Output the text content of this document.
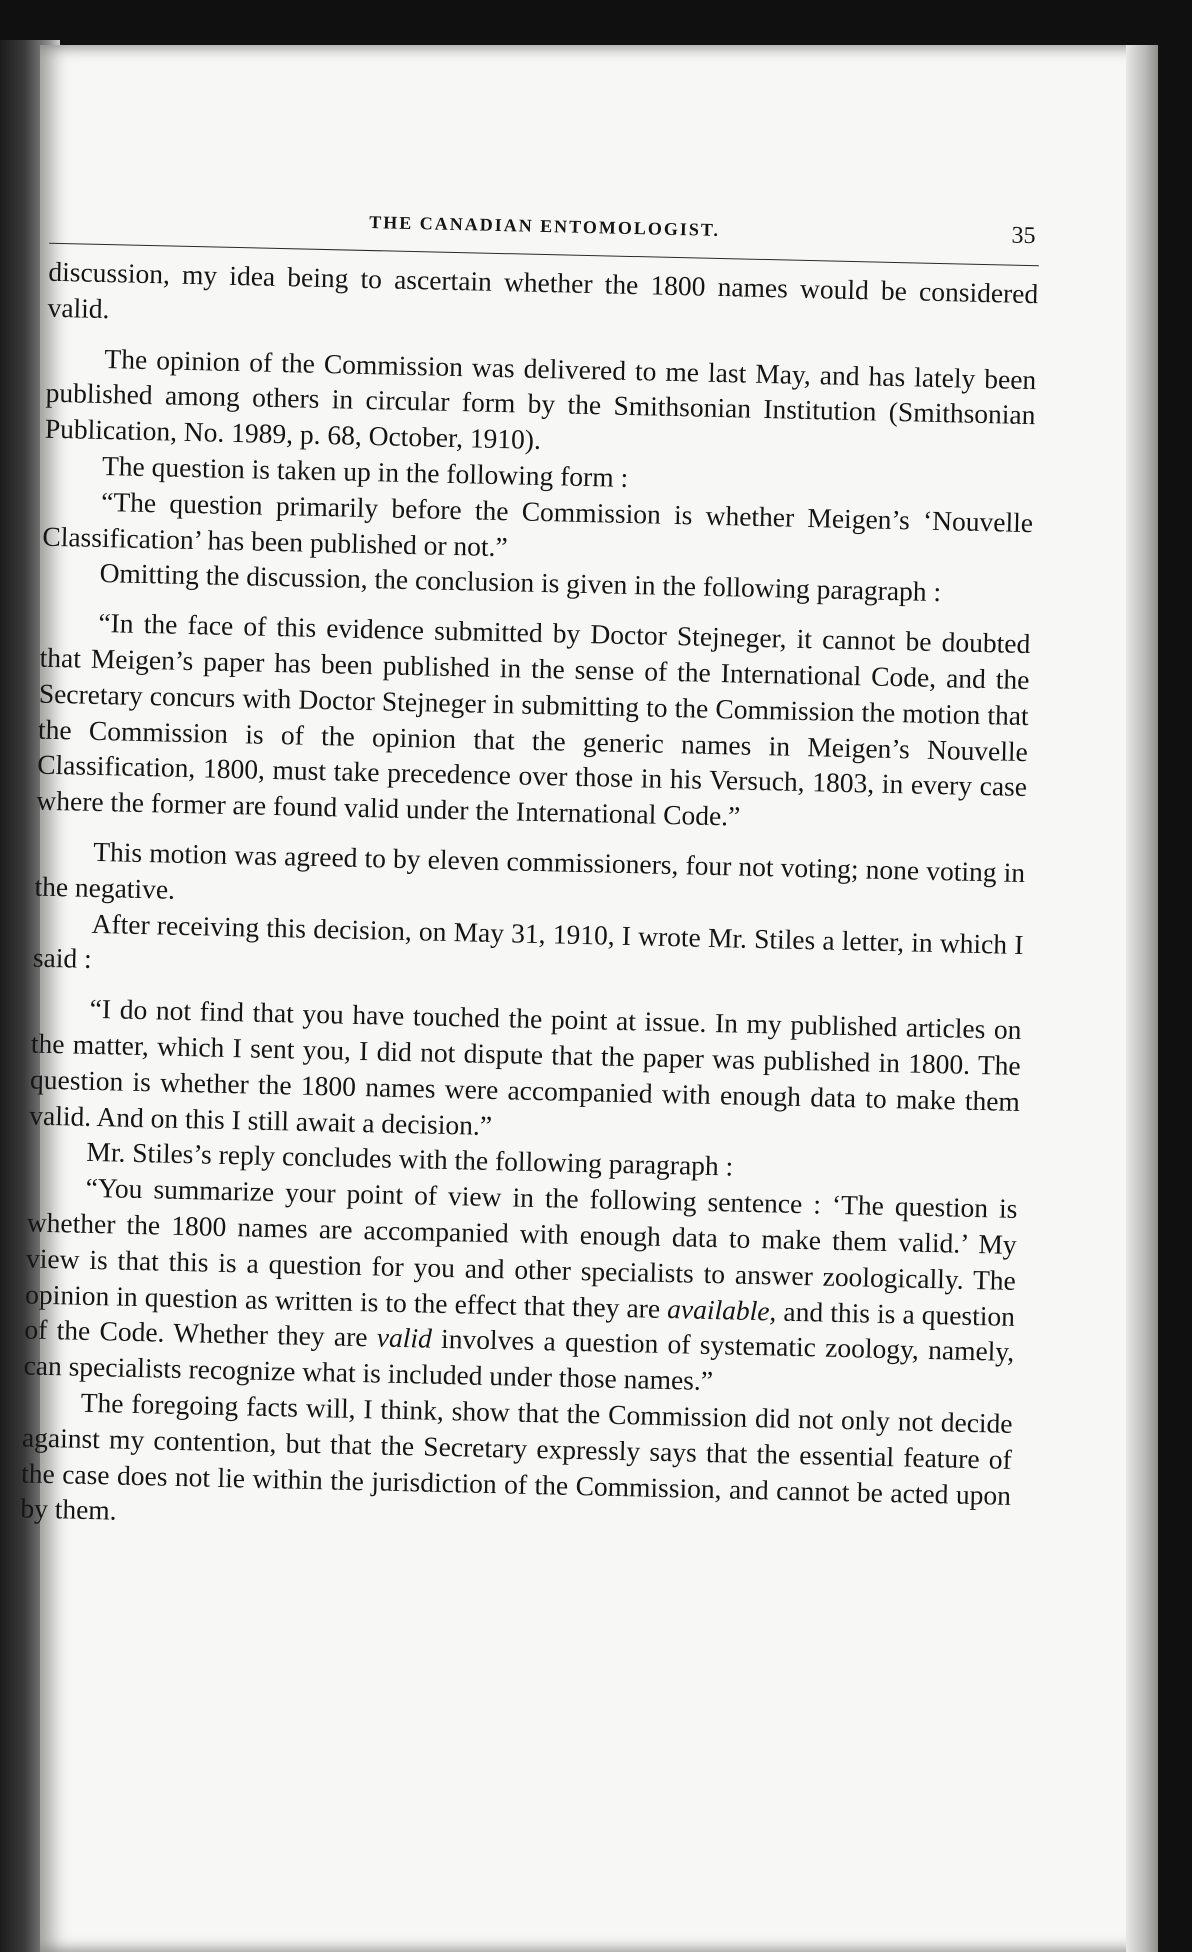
THE CANADIAN ENTOMOLOGIST.	35

discussion, my idea being to ascertain whether the 1800 names would be considered valid.

The opinion of the Commission was delivered to me last May, and has lately been published among others in circular form by the Smithsonian Institution (Smithsonian Publication, No. 1989, p. 68, October, 1910).

The question is taken up in the following form :

“The question primarily before the Commission is whether Meigen’s ‘Nouvelle Classification’ has been published or not.”

Omitting the discussion, the conclusion is given in the following paragraph :

“In the face of this evidence submitted by Doctor Stejneger, it cannot be doubted that Meigen’s paper has been published in the sense of the International Code, and the Secretary concurs with Doctor Stejneger in submitting to the Commission the motion that the Commission is of the opinion that the generic names in Meigen’s Nouvelle Classification, 1800, must take precedence over those in his Versuch, 1803, in every case where the former are found valid under the International Code.”

This motion was agreed to by eleven commissioners, four not voting; none voting in the negative.

After receiving this decision, on May 31, 1910, I wrote Mr. Stiles a letter, in which I said :

“I do not find that you have touched the point at issue. In my published articles on the matter, which I sent you, I did not dispute that the paper was published in 1800. The question is whether the 1800 names were accompanied with enough data to make them valid. And on this I still await a decision.”

Mr. Stiles’s reply concludes with the following paragraph :

“You summarize your point of view in the following sentence : ‘The question is whether the 1800 names are accompanied with enough data to make them valid.’ My view is that this is a question for you and other specialists to answer zoologically. The opinion in question as written is to the effect that they are available, and this is a question of the Code. Whether they are valid involves a question of systematic zoology, namely, can specialists recognize what is included under those names.”

The foregoing facts will, I think, show that the Commission did not only not decide against my contention, but that the Secretary expressly says that the essential feature of the case does not lie within the jurisdiction of the Commission, and cannot be acted upon by them.
